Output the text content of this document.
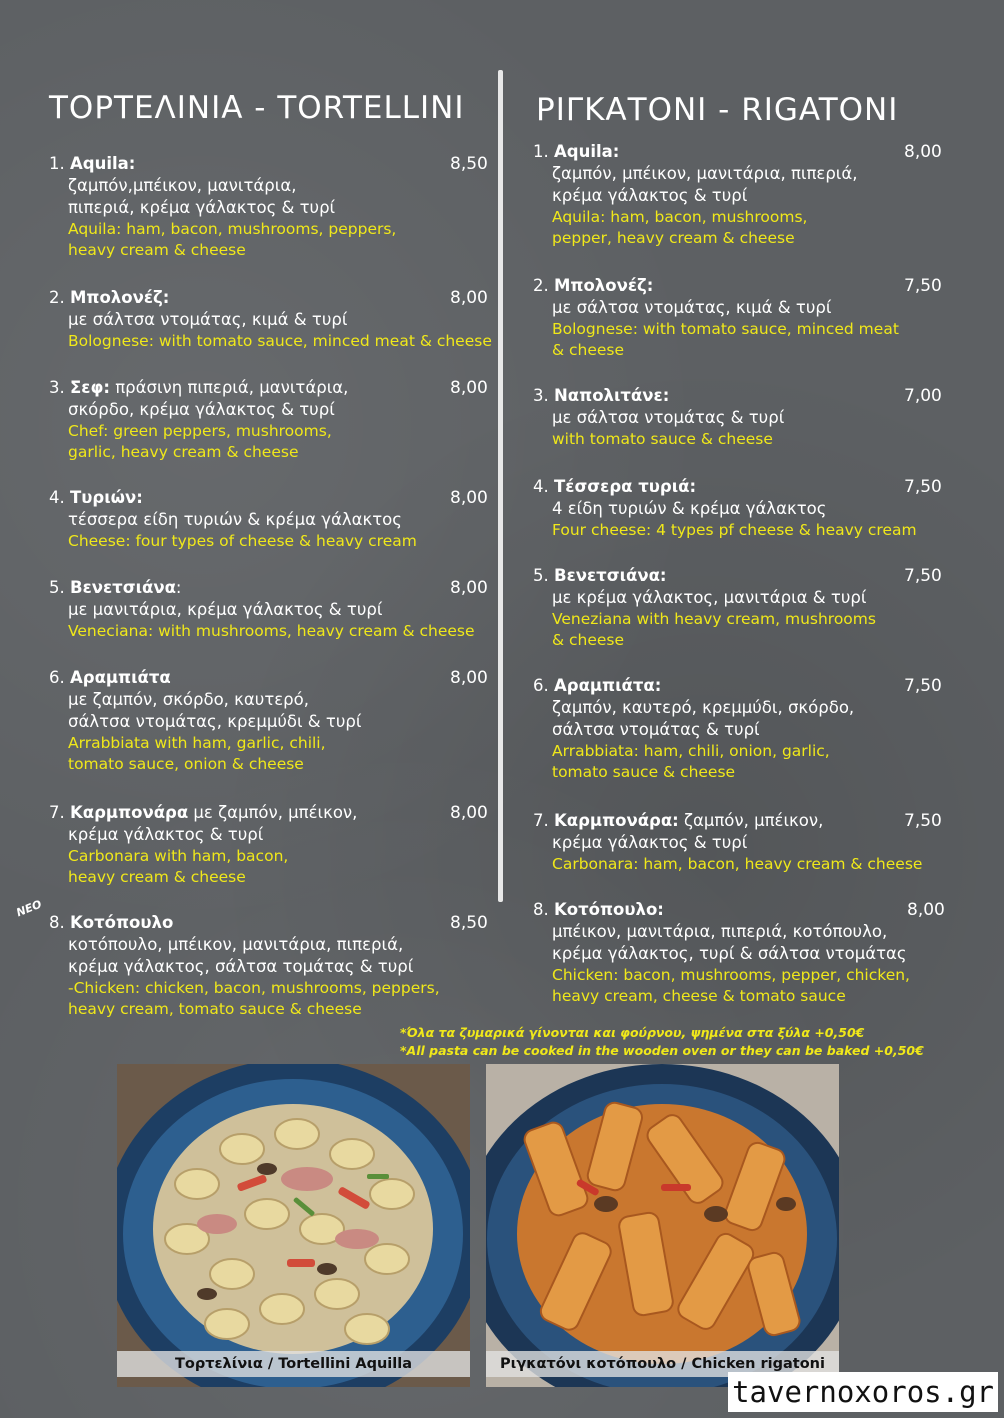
ΤΟΡΤΕΛΙΝΙΑ - TORTELLINI ΡΙΓΚΑΤΟΝΙ - RIGATONI
ΝΕΟ
1. Aquila:
ζαμπόν,μπέικον, μανιτάρια,
πιπεριά, κρέμα γάλακτος & τυρί
Aquila: ham, bacon, mushrooms, peppers,
heavy cream & cheese
8,50
2. Μπολονέζ:
με σάλτσα ντομάτας, κιμά & τυρί
Bolognese: with tomato sauce, minced meat & cheese
8,00
3. Σεφ: πράσινη πιπεριά, μανιτάρια,
σκόρδο, κρέμα γάλακτος & τυρί
Chef: green peppers, mushrooms,
garlic, heavy cream & cheese
8,00
4. Τυριών:
τέσσερα είδη τυριών & κρέμα γάλακτος
Cheese: four types of cheese & heavy cream
8,00
5. Βενετσιάνα:
με μανιτάρια, κρέμα γάλακτος & τυρί
Veneciana: with mushrooms, heavy cream & cheese
8,00
6. Αραμπιάτα
με ζαμπόν, σκόρδο, καυτερό,
σάλτσα ντομάτας, κρεμμύδι & τυρί
Arrabbiata with ham, garlic, chili,
tomato sauce, onion & cheese
8,00
7. Καρμπονάρα με ζαμπόν, μπέικον,
κρέμα γάλακτος & τυρί
Carbonara with ham, bacon,
heavy cream & cheese
8,00
8. Κοτόπουλο
κοτόπουλο, μπέικον, μανιτάρια, πιπεριά,
κρέμα γάλακτος, σάλτσα τομάτας & τυρί
-Chicken: chicken, bacon, mushrooms, peppers,
heavy cream, tomato sauce & cheese
8,50
1. Aquila:
ζαμπόν, μπέικον, μανιτάρια, πιπεριά,
κρέμα γάλακτος & τυρί
Aquila: ham, bacon, mushrooms,
pepper, heavy cream & cheese
8,00
2. Μπολονέζ:
με σάλτσα ντομάτας, κιμά & τυρί
Bolognese: with tomato sauce, minced meat
& cheese
7,50
3. Ναπολιτάνε:
με σάλτσα ντομάτας & τυρί
with tomato sauce & cheese
7,00
4. Τέσσερα τυριά:
4 είδη τυριών & κρέμα γάλακτος
Four cheese: 4 types pf cheese & heavy cream
7,50
5. Βενετσιάνα:
με κρέμα γάλακτος, μανιτάρια & τυρί
Veneziana with heavy cream, mushrooms
& cheese
7,50
6. Αραμπιάτα:
ζαμπόν, καυτερό, κρεμμύδι, σκόρδο,
σάλτσα ντομάτας & τυρί
Arrabbiata: ham, chili, onion, garlic,
tomato sauce & cheese
7,50
7. Καρμπονάρα: ζαμπόν, μπέικον,
κρέμα γάλακτος & τυρί
Carbonara: ham, bacon, heavy cream & cheese
7,50
8. Κοτόπουλο:
μπέικον, μανιτάρια, πιπεριά, κοτόπουλο,
κρέμα γάλακτος, τυρί & σάλτσα ντομάτας
Chicken: bacon, mushrooms, pepper, chicken,
heavy cream, cheese & tomato sauce
8,00
*Όλα τα ζυμαρικά γίνονται και φούρνου, ψημένα στα ξύλα +0,50€
*All pasta can be cooked in the wooden oven or they can be baked +0,50€
Τορτελίνια / Tortellini Aquilla	Ριγκατόνι κοτόπουλο / Chicken rigatoni
tavernoxoros.gr
